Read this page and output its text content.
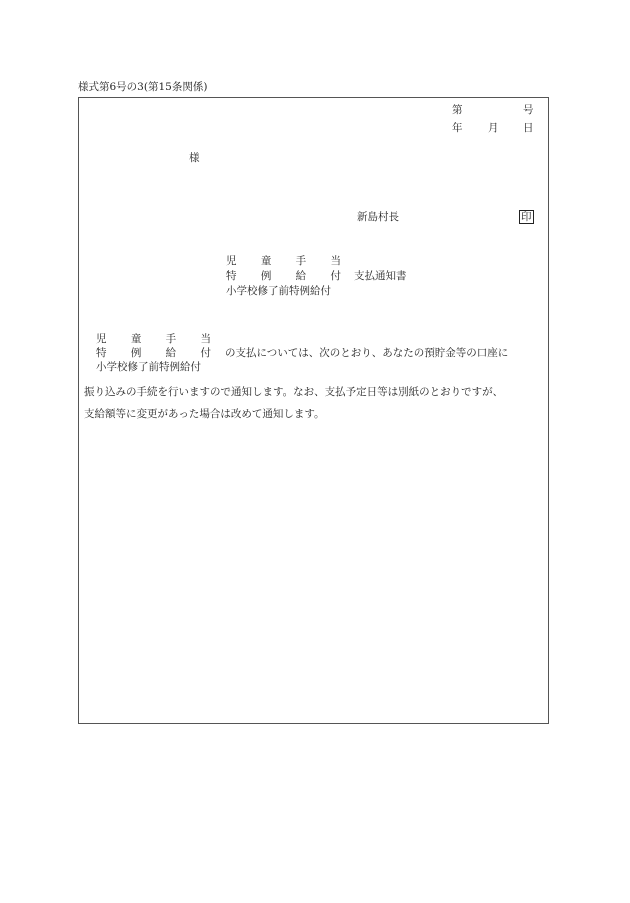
様式第6号の3(第15条関係)
第	号
年 月 日
様
新島村長	印
児 童 手 当
特 例 給 付
小学校修了前特例給付
支払通知書
児 童 手 当
特 例 給 付
小学校修了前特例給付
の支払については、次のとおり、あなたの預貯金等の口座に
振り込みの手続を行いますので通知します。なお、支払予定日等は別紙のとおりですが、
支給額等に変更があった場合は改めて通知します。
